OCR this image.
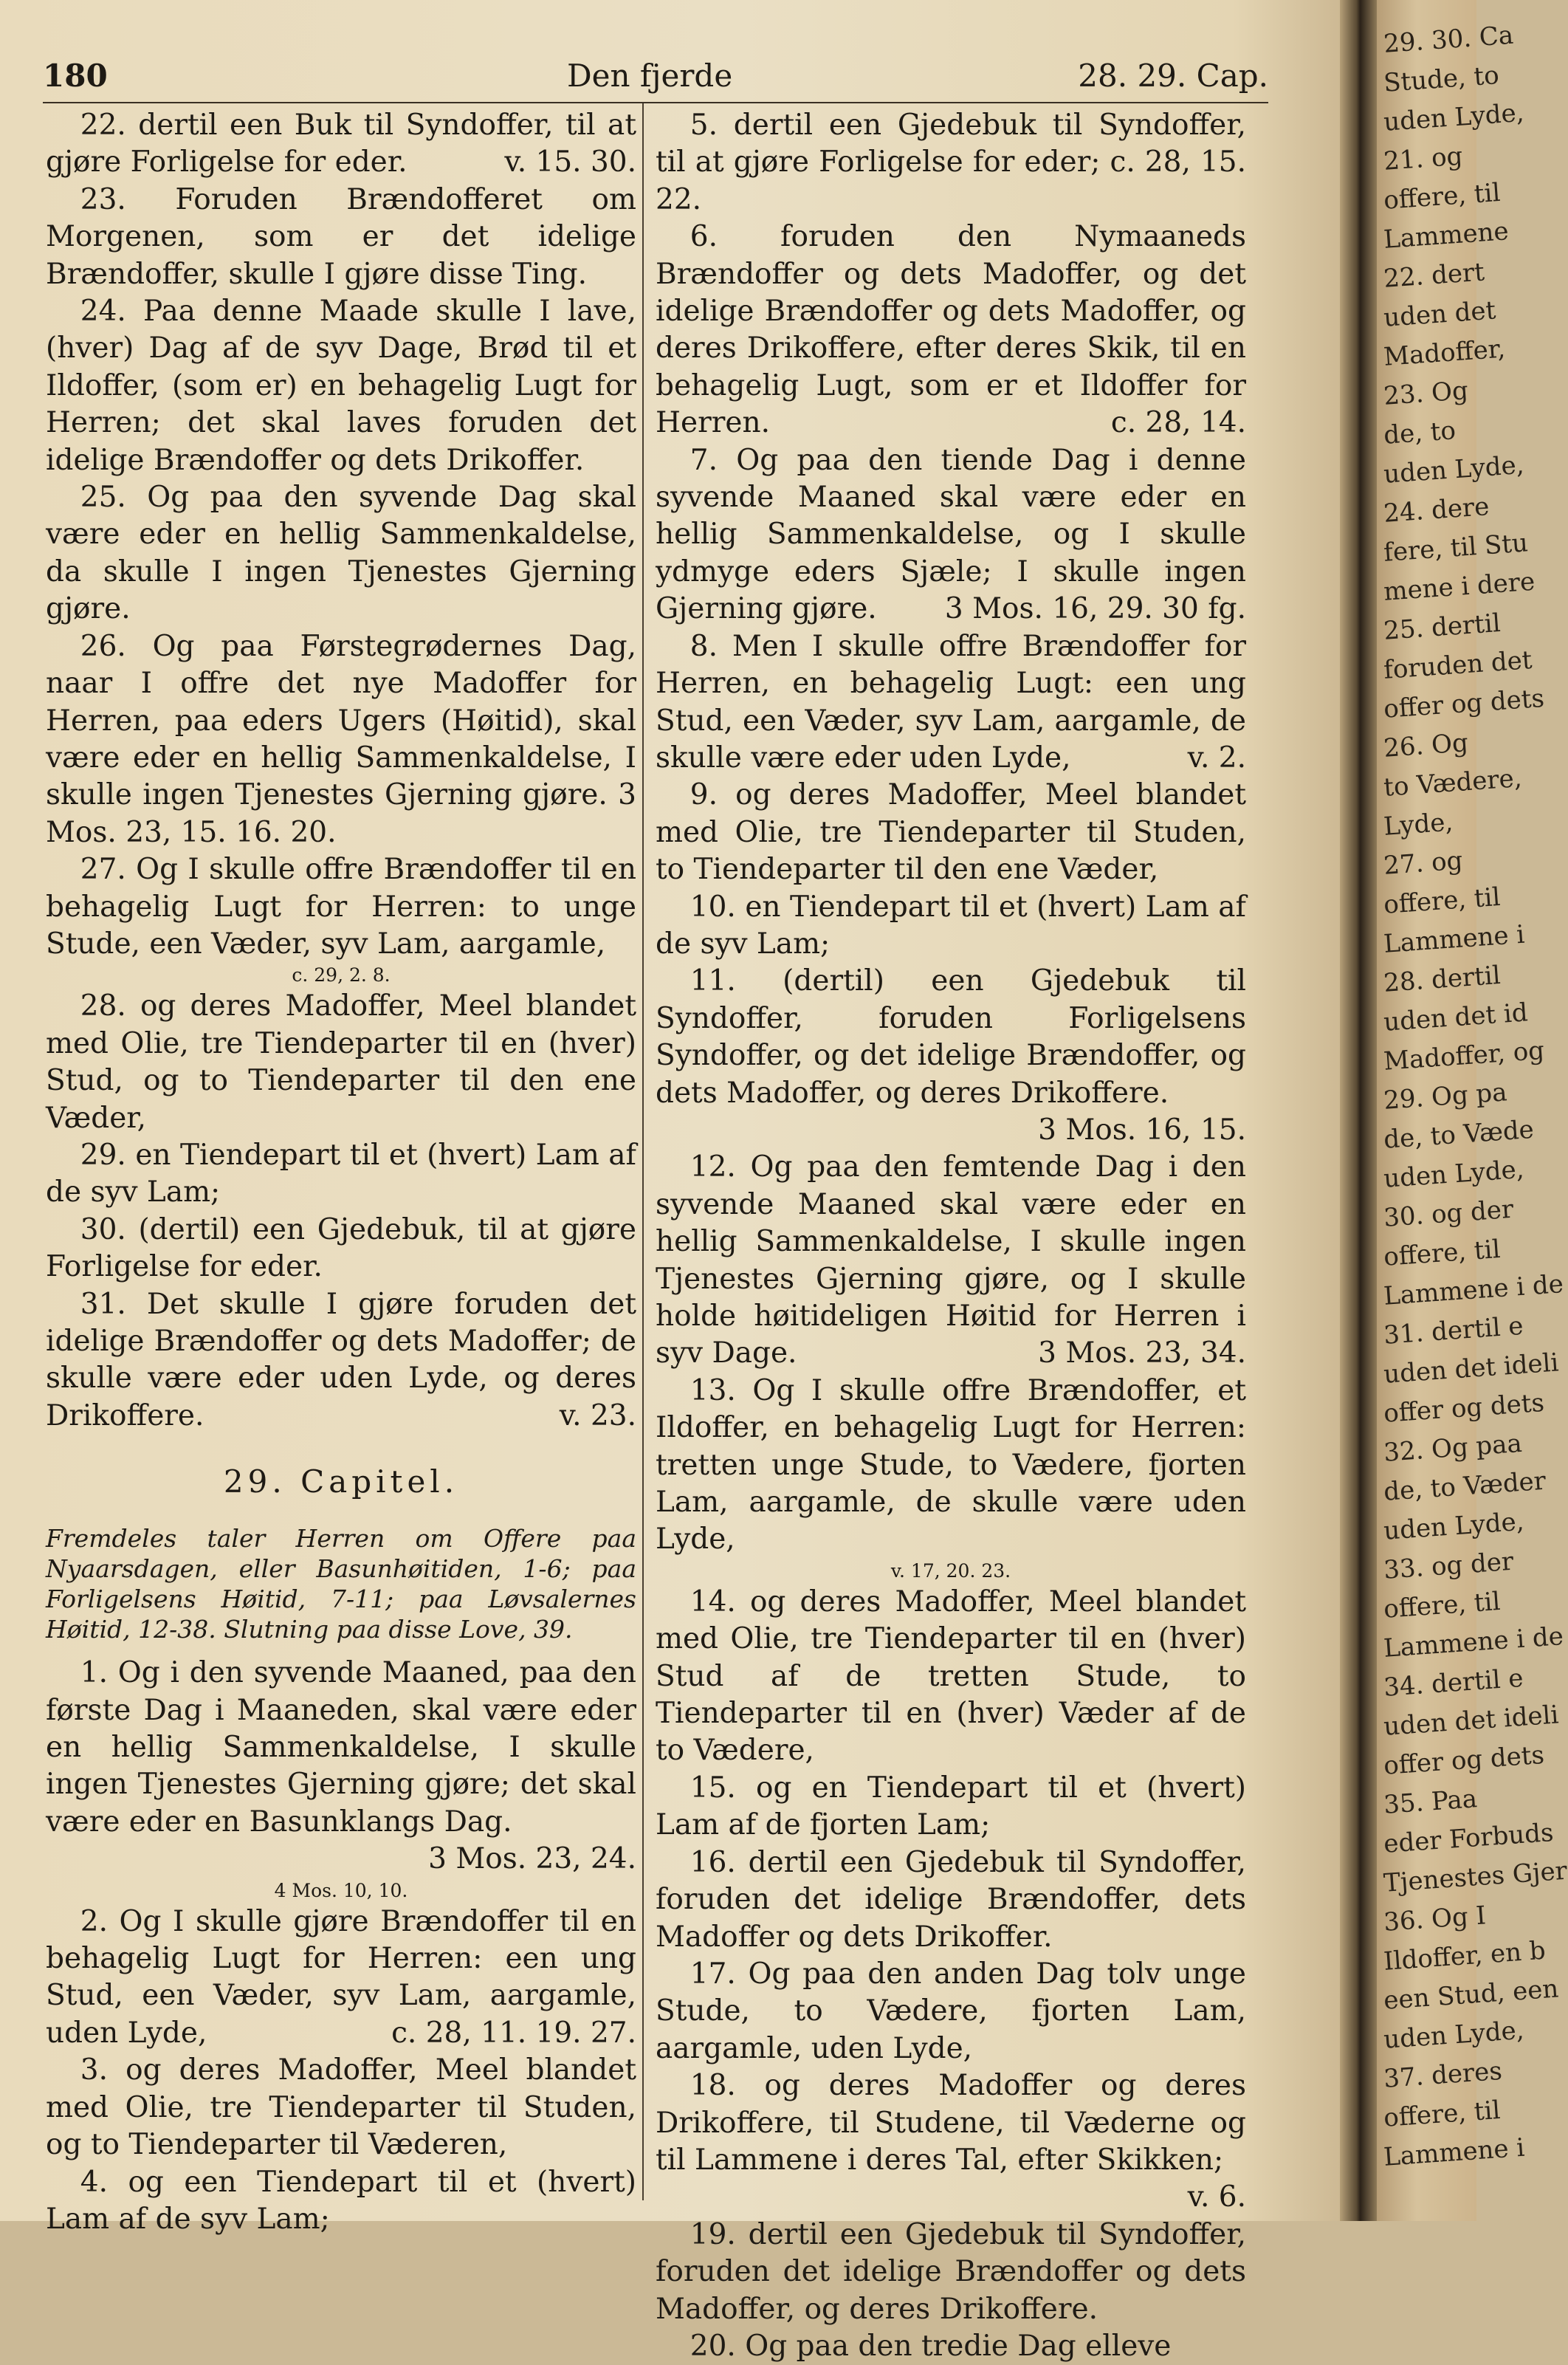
29. 30. Ca
Stude, to
uden Lyde,
21. og
offere, til
Lammene
22. dert
uden det
Madoffer,
23. Og
de, to
uden Lyde,
24. dere
fere, til Stu
mene i dere
25. dertil
foruden det
offer og dets
26. Og
to Vædere,
Lyde,
27. og
offere, til
Lammene i
28. dertil
uden det id
Madoffer, og
29. Og pa
de, to Væde
uden Lyde,
30. og der
offere, til
Lammene i de
31. dertil e
uden det ideli
offer og dets
32. Og paa
de, to Væder
uden Lyde,
33. og der
offere, til
Lammene i de
34. dertil e
uden det ideli
offer og dets
35. Paa
eder Forbuds
Tjenestes Gjer
36. Og I
Ildoffer, en b
een Stud, een
uden Lyde,
37. deres
offere, til
Lammene i
180	Den fjerde	28. 29. Cap.

22. dertil een Buk til Syndoffer, til at gjøre Forligelse for eder.	v. 15. 30.

23. Foruden Brændofferet om Morgenen, som er det idelige Brændoffer, skulle I gjøre disse Ting.

24. Paa denne Maade skulle I lave, (hver) Dag af de syv Dage, Brød til et Ildoffer, (som er) en behagelig Lugt for Herren; det skal laves foruden det idelige Brændoffer og dets Drikoffer.

25. Og paa den syvende Dag skal være eder en hellig Sammenkaldelse, da skulle I ingen Tjenestes Gjerning gjøre.

26. Og paa Førstegrødernes Dag, naar I offre det nye Madoffer for Herren, paa eders Ugers (Høitid), skal være eder en hellig Sammenkaldelse, I skulle ingen Tjenestes Gjerning gjøre. 3 Mos. 23, 15. 16. 20.

27. Og I skulle offre Brændoffer til en behagelig Lugt for Herren: to unge Stude, een Væder, syv Lam, aargamle,

c. 29, 2. 8.

28. og deres Madoffer, Meel blandet med Olie, tre Tiendeparter til en (hver) Stud, og to Tiendeparter til den ene Væder,

29. en Tiendepart til et (hvert) Lam af de syv Lam;

30. (dertil) een Gjedebuk, til at gjøre Forligelse for eder.

31. Det skulle I gjøre foruden det idelige Brændoffer og dets Madoffer; de skulle være eder uden Lyde, og deres Drikoffere.	v. 23.

29. Capitel.

Fremdeles taler Herren om Offere paa Nyaarsdagen, eller Basunhøitiden, 1-6; paa Forligelsens Høitid, 7-11; paa Løvsalernes Høitid, 12-38. Slutning paa disse Love, 39.

1. Og i den syvende Maaned, paa den første Dag i Maaneden, skal være eder en hellig Sammenkaldelse, I skulle ingen Tjenestes Gjerning gjøre; det skal være eder en Basunklangs Dag.
3 Mos. 23, 24.

4 Mos. 10, 10.

2. Og I skulle gjøre Brændoffer til en behagelig Lugt for Herren: een ung Stud, een Væder, syv Lam, aargamle, uden Lyde,	c. 28, 11. 19. 27.

3. og deres Madoffer, Meel blandet med Olie, tre Tiendeparter til Studen, og to Tiendeparter til Væderen,

4. og een Tiendepart til et (hvert) Lam af de syv Lam;

5. dertil een Gjedebuk til Syndoffer, til at gjøre Forligelse for eder; c. 28, 15. 22.

6. foruden den Nymaaneds Brændoffer og dets Madoffer, og det idelige Brændoffer og dets Madoffer, og deres Drikoffere, efter deres Skik, til en behagelig Lugt, som er et Ildoffer for Herren.	c. 28, 14.

7. Og paa den tiende Dag i denne syvende Maaned skal være eder en hellig Sammenkaldelse, og I skulle ydmyge eders Sjæle; I skulle ingen Gjerning gjøre.	3 Mos. 16, 29. 30 fg.

8. Men I skulle offre Brændoffer for Herren, en behagelig Lugt: een ung Stud, een Væder, syv Lam, aargamle, de skulle være eder uden Lyde,	v. 2.

9. og deres Madoffer, Meel blandet med Olie, tre Tiendeparter til Studen, to Tiendeparter til den ene Væder,

10. en Tiendepart til et (hvert) Lam af de syv Lam;

11. (dertil) een Gjedebuk til Syndoffer, foruden Forligelsens Syndoffer, og det idelige Brændoffer, og dets Madoffer, og deres Drikoffere.
3 Mos. 16, 15.

12. Og paa den femtende Dag i den syvende Maaned skal være eder en hellig Sammenkaldelse, I skulle ingen Tjenestes Gjerning gjøre, og I skulle holde høitideligen Høitid for Herren i syv Dage.	3 Mos. 23, 34.

13. Og I skulle offre Brændoffer, et Ildoffer, en behagelig Lugt for Herren: tretten unge Stude, to Vædere, fjorten Lam, aargamle, de skulle være uden Lyde,

v. 17, 20. 23.

14. og deres Madoffer, Meel blandet med Olie, tre Tiendeparter til en (hver) Stud af de tretten Stude, to Tiendeparter til en (hver) Væder af de to Vædere,

15. og en Tiendepart til et (hvert) Lam af de fjorten Lam;

16. dertil een Gjedebuk til Syndoffer, foruden det idelige Brændoffer, dets Madoffer og dets Drikoffer.

17. Og paa den anden Dag tolv unge Stude, to Vædere, fjorten Lam, aargamle, uden Lyde,

18. og deres Madoffer og deres Drikoffere, til Studene, til Væderne og til Lammene i deres Tal, efter Skikken;
v. 6.

19. dertil een Gjedebuk til Syndoffer, foruden det idelige Brændoffer og dets Madoffer, og deres Drikoffere.

20. Og paa den tredie Dag elleve
